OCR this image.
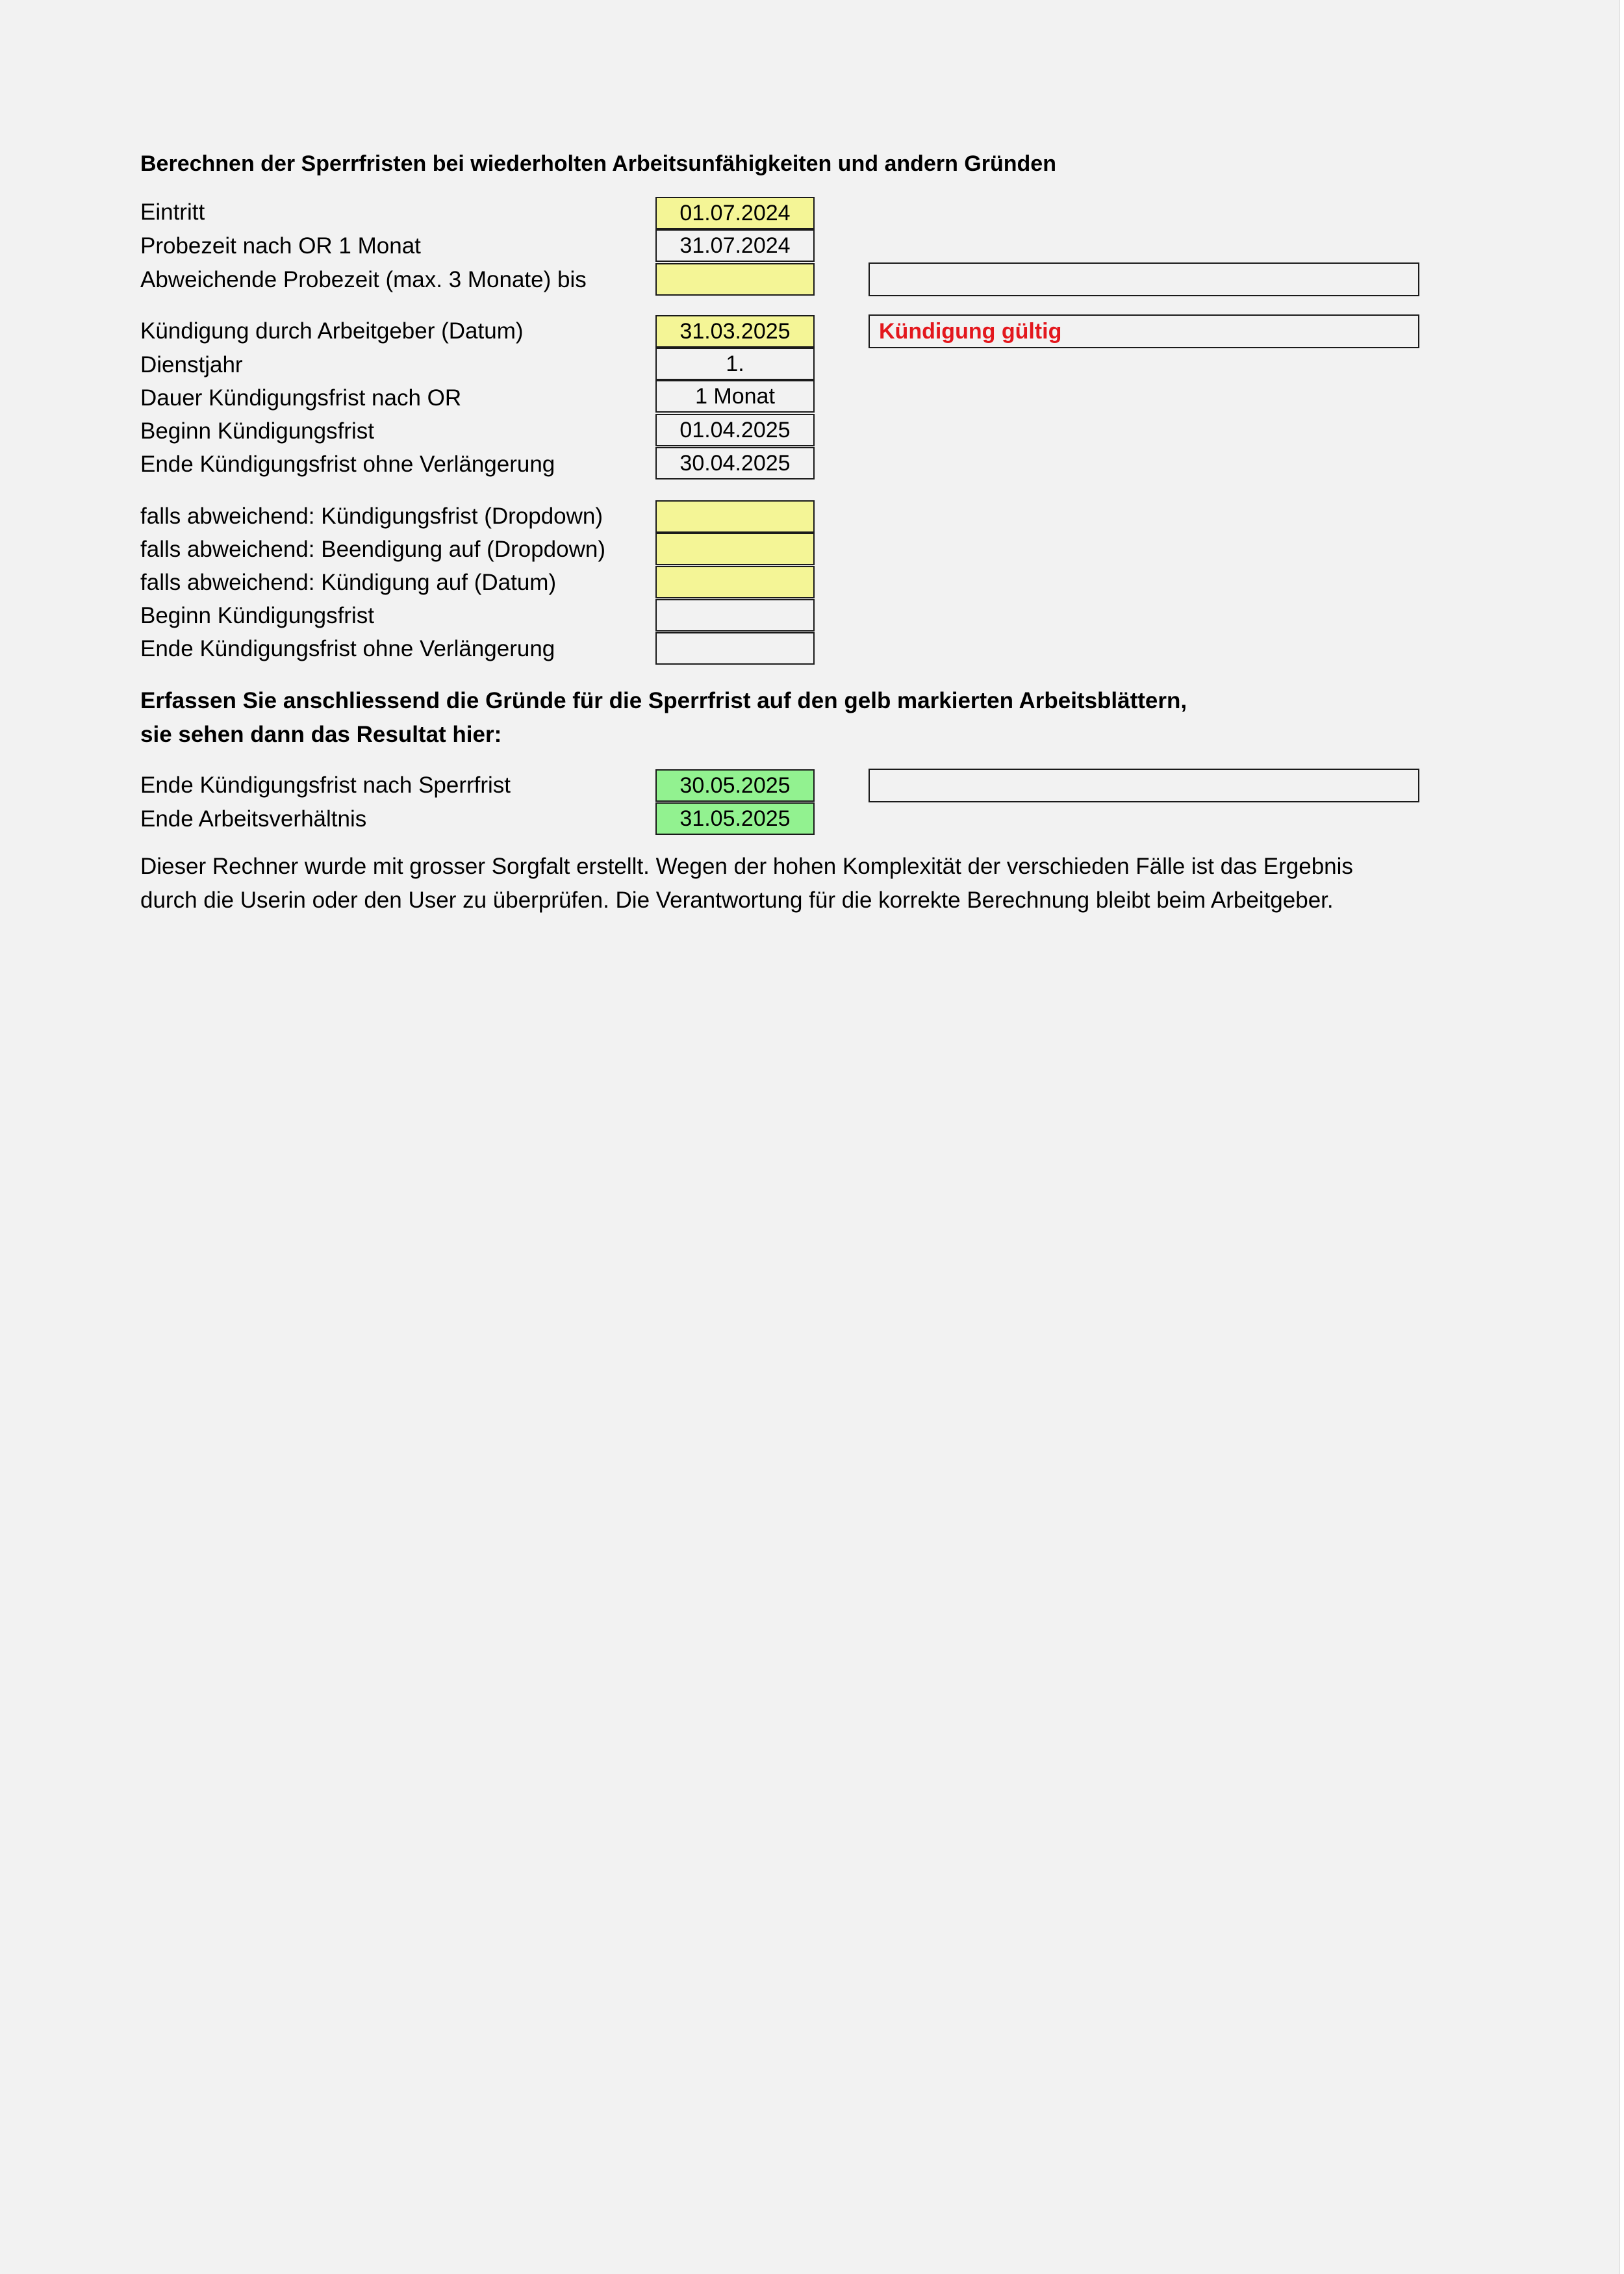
Berechnen der Sperrfristen bei wiederholten Arbeitsunfähigkeiten und andern Gründen
Eintritt	01.07.2024
Probezeit nach OR 1 Monat	31.07.2024
Abweichende Probezeit (max. 3 Monate) bis
Kündigung durch Arbeitgeber (Datum)	31.03.2025	Kündigung gültig
Dienstjahr	1.
Dauer Kündigungsfrist nach OR	1 Monat
Beginn Kündigungsfrist	01.04.2025
Ende Kündigungsfrist ohne Verlängerung	30.04.2025
falls abweichend: Kündigungsfrist (Dropdown)
falls abweichend: Beendigung auf (Dropdown)
falls abweichend: Kündigung auf (Datum)
Beginn Kündigungsfrist
Ende Kündigungsfrist ohne Verlängerung
Erfassen Sie anschliessend die Gründe für die Sperrfrist auf den gelb markierten Arbeitsblättern,
sie sehen dann das Resultat hier:
Ende Kündigungsfrist nach Sperrfrist	30.05.2025
Ende Arbeitsverhältnis	31.05.2025
Dieser Rechner wurde mit grosser Sorgfalt erstellt. Wegen der hohen Komplexität der verschieden Fälle ist das Ergebnis
durch die Userin oder den User zu überprüfen. Die Verantwortung für die korrekte Berechnung bleibt beim Arbeitgeber.
